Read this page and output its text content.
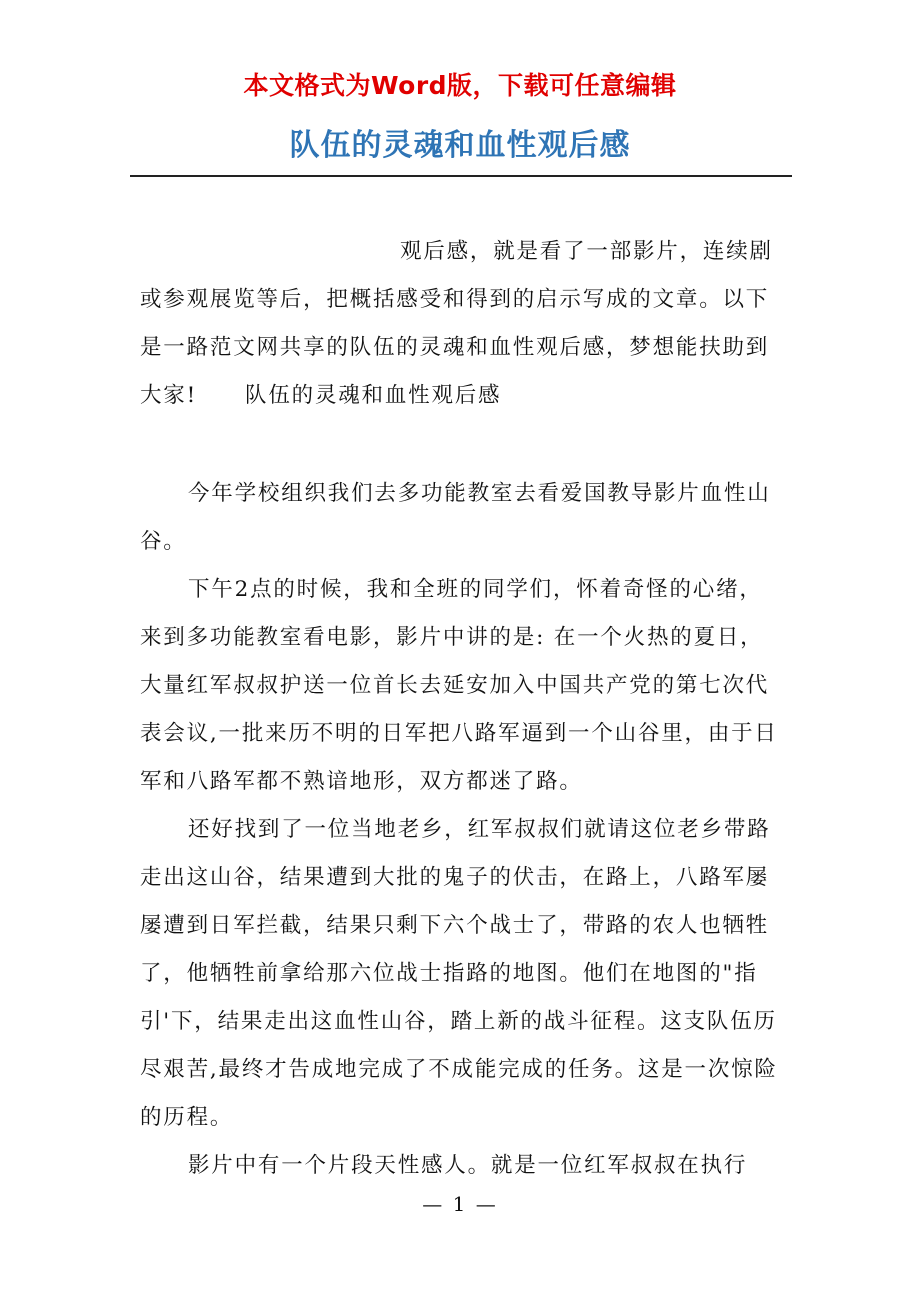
本文格式为Word版，下载可任意编辑
队伍的灵魂和血性观后感

观后感，就是看了一部影片，连续剧或参观展览等后，把概括感受和得到的启示写成的文章。以下是一路范文网共享的队伍的灵魂和血性观后感，梦想能扶助到大家! 队伍的灵魂和血性观后感

今年学校组织我们去多功能教室去看爱国教导影片血性山谷。

下午2点的时候，我和全班的同学们，怀着奇怪的心绪，来到多功能教室看电影，影片中讲的是: 在一个火热的夏日，大量红军叔叔护送一位首长去延安加入中国共产党的第七次代表会议,一批来历不明的日军把八路军逼到一个山谷里，由于日军和八路军都不熟谙地形，双方都迷了路。

还好找到了一位当地老乡，红军叔叔们就请这位老乡带路走出这山谷，结果遭到大批的鬼子的伏击，在路上，八路军屡屡遭到日军拦截，结果只剩下六个战士了，带路的农人也牺牲了，他牺牲前拿给那六位战士指路的地图。他们在地图的"指引'下，结果走出这血性山谷，踏上新的战斗征程。这支队伍历尽艰苦,最终才告成地完成了不成能完成的任务。这是一次惊险的历程。

影片中有一个片段天性感人。就是一位红军叔叔在执行

— 1 —
